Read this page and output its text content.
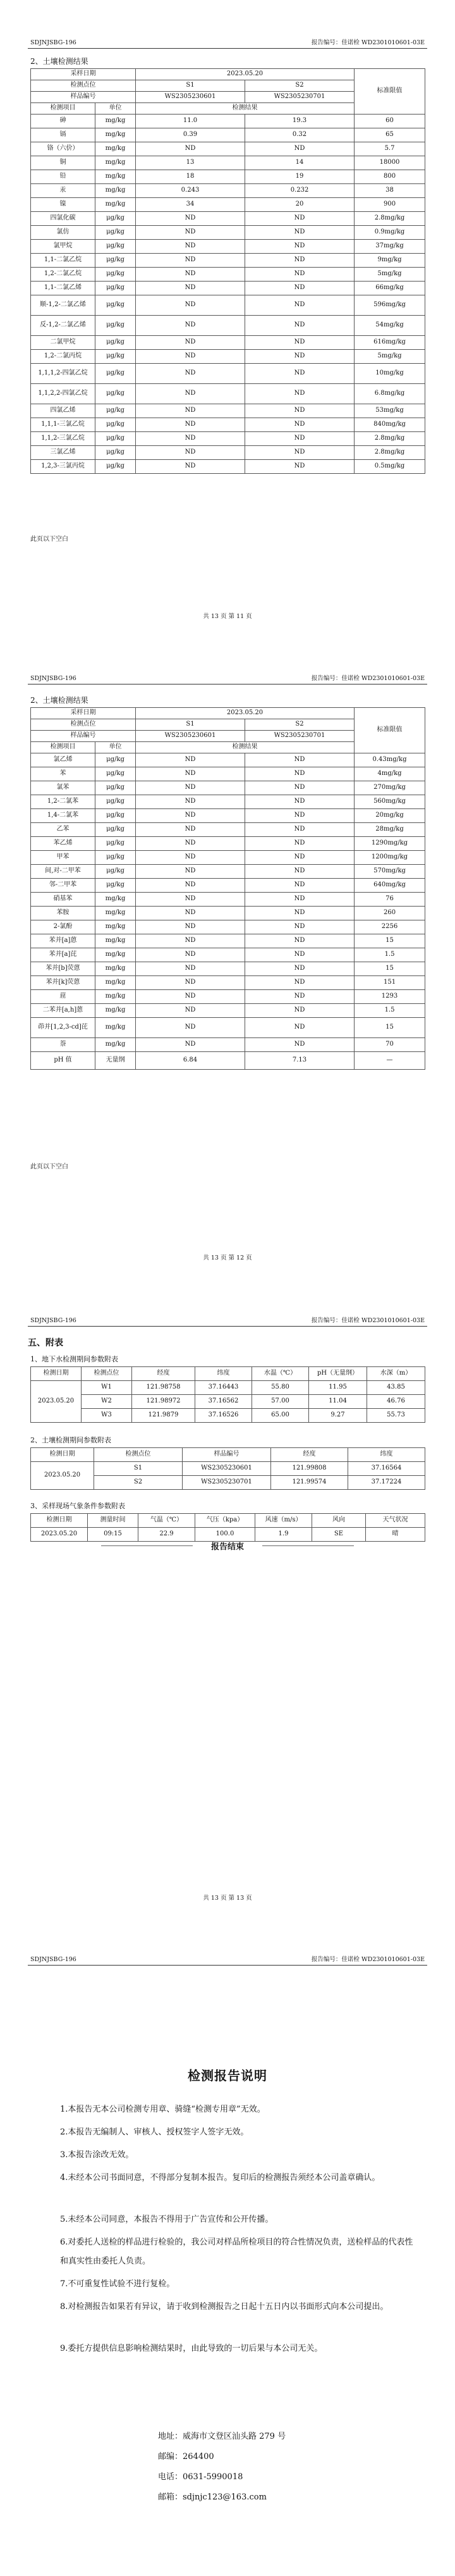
SDJNJSBG-196	报告编号：佳诺检 WD2301010601-03E
2、土壤检测结果
采样日期		2023.05.20		标准限值
检测点位		S1	S2	
样品编号		WS2305230601	WS2305230701	
检测项目	单位	检测结果		
砷	mg/kg	11.0	19.3	60
镉	mg/kg	0.39	0.32	65
铬（六价）	mg/kg	ND	ND	5.7
铜	mg/kg	13	14	18000
铅	mg/kg	18	19	800
汞	mg/kg	0.243	0.232	38
镍	mg/kg	34	20	900
四氯化碳	μg/kg	ND	ND	2.8mg/kg
氯仿	μg/kg	ND	ND	0.9mg/kg
氯甲烷	μg/kg	ND	ND	37mg/kg
1,1-二氯乙烷	μg/kg	ND	ND	9mg/kg
1,2-二氯乙烷	μg/kg	ND	ND	5mg/kg
1,1-二氯乙烯	μg/kg	ND	ND	66mg/kg
顺-1,2-二氯乙烯	μg/kg	ND	ND	596mg/kg
反-1,2-二氯乙烯	μg/kg	ND	ND	54mg/kg
二氯甲烷	μg/kg	ND	ND	616mg/kg
1,2-二氯丙烷	μg/kg	ND	ND	5mg/kg
1,1,1,2-四氯乙烷	μg/kg	ND	ND	10mg/kg
1,1,2,2-四氯乙烷	μg/kg	ND	ND	6.8mg/kg
四氯乙烯	μg/kg	ND	ND	53mg/kg
1,1,1-三氯乙烷	μg/kg	ND	ND	840mg/kg
1,1,2-三氯乙烷	μg/kg	ND	ND	2.8mg/kg
三氯乙烯	μg/kg	ND	ND	2.8mg/kg
1,2,3-三氯丙烷	μg/kg	ND	ND	0.5mg/kg
此页以下空白
共 13 页 第 11 页
SDJNJSBG-196	报告编号：佳诺检 WD2301010601-03E
2、土壤检测结果
采样日期		2023.05.20		标准限值
检测点位		S1	S2	
样品编号		WS2305230601	WS2305230701	
检测项目	单位	检测结果		
氯乙烯	μg/kg	ND	ND	0.43mg/kg
苯	μg/kg	ND	ND	4mg/kg
氯苯	μg/kg	ND	ND	270mg/kg
1,2-二氯苯	μg/kg	ND	ND	560mg/kg
1,4-二氯苯	μg/kg	ND	ND	20mg/kg
乙苯	μg/kg	ND	ND	28mg/kg
苯乙烯	μg/kg	ND	ND	1290mg/kg
甲苯	μg/kg	ND	ND	1200mg/kg
间,对-二甲苯	μg/kg	ND	ND	570mg/kg
邻-二甲苯	μg/kg	ND	ND	640mg/kg
硝基苯	mg/kg	ND	ND	76
苯胺	mg/kg	ND	ND	260
2-氯酚	mg/kg	ND	ND	2256
苯并[a]蒽	mg/kg	ND	ND	15
苯并[a]芘	mg/kg	ND	ND	1.5
苯并[b]荧蒽	mg/kg	ND	ND	15
苯并[k]荧蒽	mg/kg	ND	ND	151
䓛	mg/kg	ND	ND	1293
二苯并[a,h]蒽	mg/kg	ND	ND	1.5
茚并[1,2,3-cd]芘	mg/kg	ND	ND	15
萘	mg/kg	ND	ND	70
pH 值	无量纲	6.84	7.13	—
此页以下空白
共 13 页 第 12 页
SDJNJSBG-196	报告编号：佳诺检 WD2301010601-03E
五、附表
1、地下水检测期间参数附表
检测日期	检测点位	经度	纬度	水温（℃）	pH（无量纲）	水深（m）
2023.05.20	W1	121.98758	37.16443	55.80	11.95	43.85
	W2	121.98972	37.16562	57.00	11.04	46.76
	W3	121.9879	37.16526	65.00	9.27	55.73
2、土壤检测期间参数附表
检测日期	检测点位	样品编号	经度	纬度
2023.05.20	S1	WS2305230601	121.99808	37.16564
	S2	WS2305230701	121.99574	37.17224
3、采样现场气象条件参数附表
检测日期	测量时间	气温（℃）	气压（kpa）	风速（m/s）	风向	天气状况
2023.05.20	09:15	22.9	100.0	1.9	SE	晴
报告结束
共 13 页 第 13 页
SDJNJSBG-196	报告编号：佳诺检 WD2301010601-03E
检测报告说明
1.本报告无本公司检测专用章、骑缝“检测专用章”无效。
2.本报告无编制人、审核人、授权签字人签字无效。
3.本报告涂改无效。
4.未经本公司书面同意，不得部分复制本报告。复印后的检测报告须经本公司盖章确认。
5.未经本公司同意，本报告不得用于广告宣传和公开传播。
6.对委托人送检的样品进行检验的，我公司对样品所检项目的符合性情况负责，送检样品的代表性和真实性由委托人负责。
7.不可重复性试验不进行复检。
8.对检测报告如果若有异议，请于收到检测报告之日起十五日内以书面形式向本公司提出。
9.委托方提供信息影响检测结果时，由此导致的一切后果与本公司无关。
地址：威海市文登区汕头路 279 号
邮编：264400
电话：0631-5990018
邮箱：sdjnjc123@163.com
